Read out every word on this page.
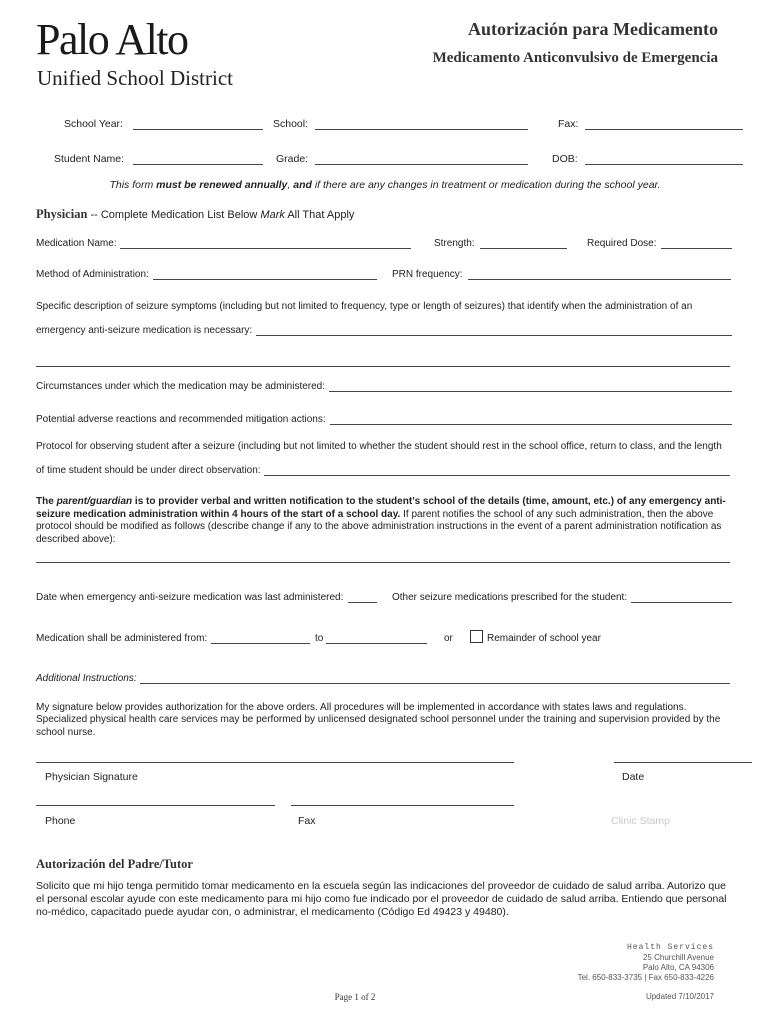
Palo Alto
Unified School District
Autorización para Medicamento
Medicamento Anticonvulsivo de Emergencia
School Year:	School:	Fax:
Student Name:	Grade:	DOB:
This form must be renewed annually, and if there are any changes in treatment or medication during the school year.
Physician -- Complete Medication List Below Mark All That Apply
Medication Name:	Strength:	Required Dose:
Method of Administration:	PRN frequency:
Specific description of seizure symptoms (including but not limited to frequency, type or length of seizures) that identify when the administration of an
emergency anti-seizure medication is necessary:
Circumstances under which the medication may be administered:
Potential adverse reactions and recommended mitigation actions:
Protocol for observing student after a seizure (including but not limited to whether the student should rest in the school office, return to class, and the length
of time student should be under direct observation:
The parent/guardian is to provider verbal and written notification to the student’s school of the details (time, amount, etc.) of any emergency anti-seizure medication administration within 4 hours of the start of a school day. If parent notifies the school of any such administration, then the above protocol should be modified as follows (describe change if any to the above administration instructions in the event of a parent administration notification as described above):
Date when emergency anti-seizure medication was last administered:	Other seizure medications prescribed for the student:
Medication shall be administered from:	to	or	Remainder of school year
Additional Instructions:
My signature below provides authorization for the above orders. All procedures will be implemented in accordance with states laws and regulations. Specialized physical health care services may be performed by unlicensed designated school personnel under the training and supervision provided by the school nurse.
Physician Signature	Date
Phone	Fax	Clinic Stamp
Autorización del Padre/Tutor
Solicito que mi hijo tenga permitido tomar medicamento en la escuela según las indicaciones del proveedor de cuidado de salud arriba. Autorizo que el personal escolar ayude con este medicamento para mi hijo como fue indicado por el proveedor de cuidado de salud arriba. Entiendo que personal no-médico, capacitado puede ayudar con, o administrar, el medicamento (Código Ed 49423 y 49480).
Health Services
25 Churchill Avenue
Palo Alto, CA 94306
Tel. 650-833-3735 | Fax 650-833-4226
Page 1 of 2	Updated 7/10/2017
